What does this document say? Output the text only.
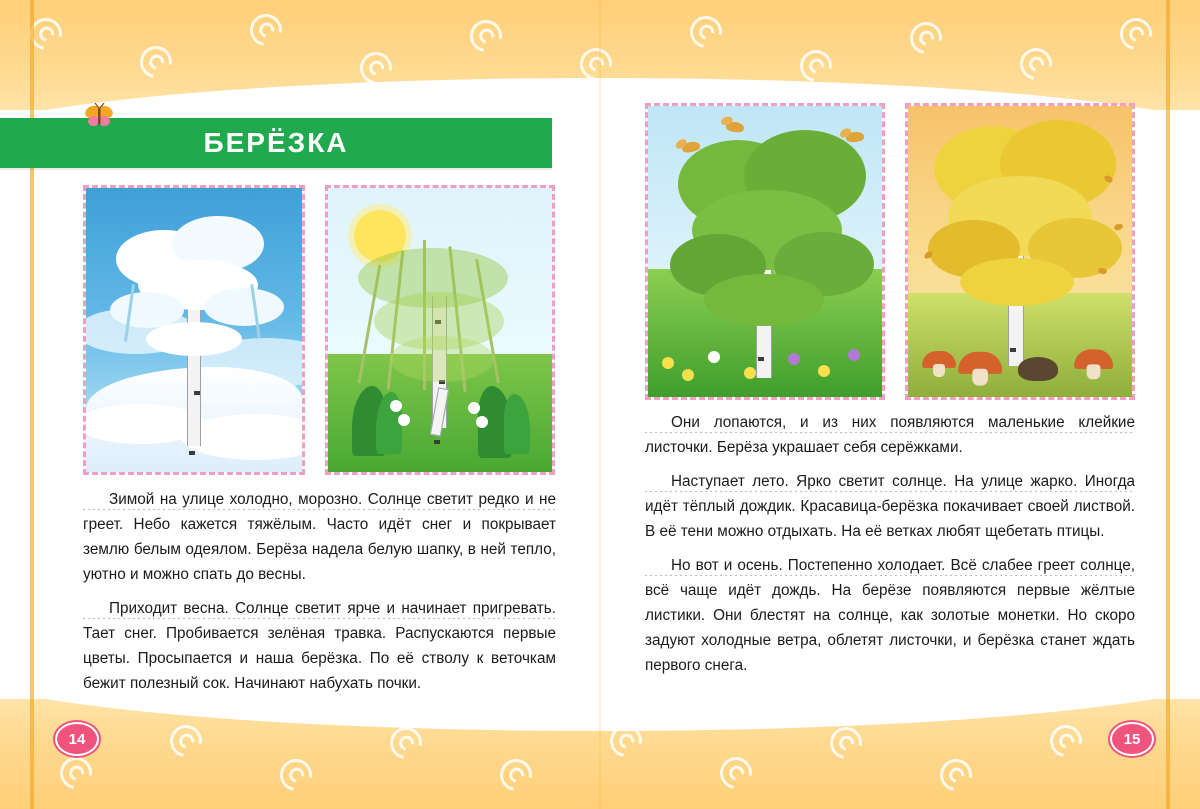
БЕРЁЗКА

Зимой на улице холодно, морозно. Солнце светит редко и не греет. Небо кажется тяжёлым. Часто идёт снег и покрывает землю белым одеялом. Берёза надела белую шапку, в ней тепло, уютно и можно спать до весны.

Приходит весна. Солнце светит ярче и начинает пригревать. Тает снег. Пробивается зелёная травка. Распускаются первые цветы. Просыпается и наша берёзка. По её стволу к веточкам бежит полезный сок. Начинают набухать почки.

Они лопаются, и из них появляются маленькие клейкие листочки. Берёза украшает себя серёжками.

Наступает лето. Ярко светит солнце. На улице жарко. Иногда идёт тёплый дождик. Красавица-берёзка покачивает своей листвой. В её тени можно отдыхать. На её ветках любят щебетать птицы.

Но вот и осень. Постепенно холодает. Всё слабее греет солнце, всё чаще идёт дождь. На берёзе появляются первые жёлтые листики. Они блестят на солнце, как золотые монетки. Но скоро задуют холодные ветра, облетят листочки, и берёзка станет ждать первого снега.

14	15
